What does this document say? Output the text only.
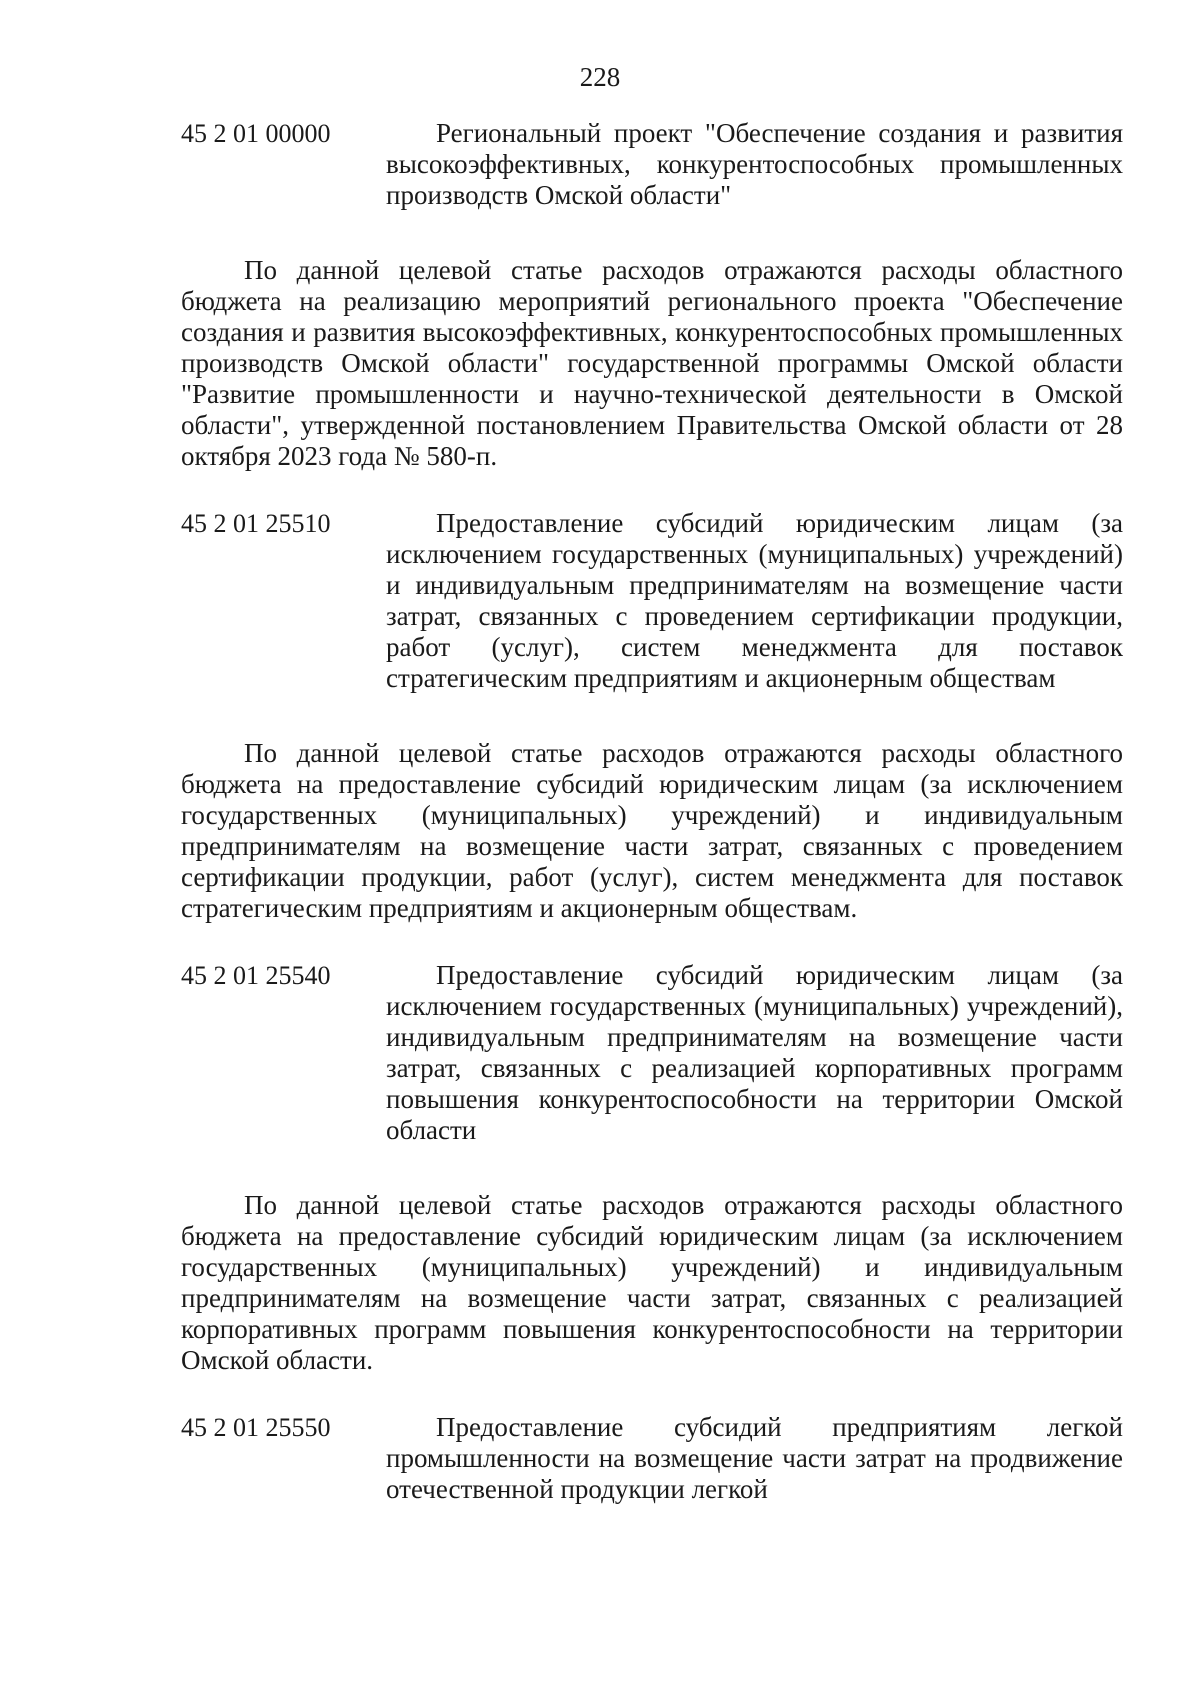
228
45 2 01 00000	Региональный проект "Обеспечение создания и развития высокоэффективных, конкурентоспособных промышленных производств Омской области"

По данной целевой статье расходов отражаются расходы областного бюджета на реализацию мероприятий регионального проекта "Обеспечение создания и развития высокоэффективных, конкурентоспособных промышленных производств Омской области" государственной программы Омской области "Развитие промышленности и научно-технической деятельности в Омской области", утвержденной постановлением Правительства Омской области от 28 октября 2023 года № 580-п.

45 2 01 25510	Предоставление субсидий юридическим лицам (за исключением государственных (муниципальных) учреждений) и индивидуальным предпринимателям на возмещение части затрат, связанных с проведением сертификации продукции, работ (услуг), систем менеджмента для поставок стратегическим предприятиям и акционерным обществам

По данной целевой статье расходов отражаются расходы областного бюджета на предоставление субсидий юридическим лицам (за исключением государственных (муниципальных) учреждений) и индивидуальным предпринимателям на возмещение части затрат, связанных с проведением сертификации продукции, работ (услуг), систем менеджмента для поставок стратегическим предприятиям и акционерным обществам.

45 2 01 25540	Предоставление субсидий юридическим лицам (за исключением государственных (муниципальных) учреждений), индивидуальным предпринимателям на возмещение части затрат, связанных с реализацией корпоративных программ повышения конкурентоспособности на территории Омской области

По данной целевой статье расходов отражаются расходы областного бюджета на предоставление субсидий юридическим лицам (за исключением государственных (муниципальных) учреждений) и индивидуальным предпринимателям на возмещение части затрат, связанных с реализацией корпоративных программ повышения конкурентоспособности на территории Омской области.

45 2 01 25550	Предоставление субсидий предприятиям легкой промышленности на возмещение части затрат на продвижение отечественной продукции легкой
